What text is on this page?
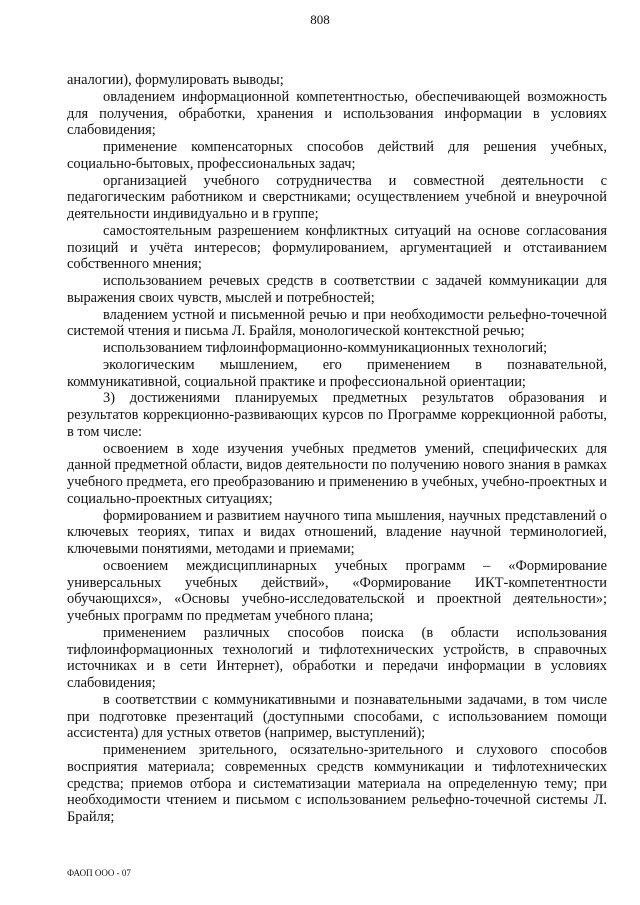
808

аналогии), формулировать выводы;

овладением информационной компетентностью, обеспечивающей возможность для получения, обработки, хранения и использования информации в условиях слабовидения;

применение компенсаторных способов действий для решения учебных, социально-бытовых, профессиональных задач;

организацией учебного сотрудничества и совместной деятельности с педагогическим работником и сверстниками; осуществлением учебной и внеурочной деятельности индивидуально и в группе;

самостоятельным разрешением конфликтных ситуаций на основе согласования позиций и учёта интересов; формулированием, аргументацией и отстаиванием собственного мнения;

использованием речевых средств в соответствии с задачей коммуникации для выражения своих чувств, мыслей и потребностей;

владением устной и письменной речью и при необходимости рельефно-точечной системой чтения и письма Л. Брайля, монологической контекстной речью;

использованием тифлоинформационно-коммуникационных технологий;

экологическим мышлением, его применением в познавательной, коммуникативной, социальной практике и профессиональной ориентации;

3) достижениями планируемых предметных результатов образования и результатов коррекционно-развивающих курсов по Программе коррекционной работы, в том числе:

освоением в ходе изучения учебных предметов умений, специфических для данной предметной области, видов деятельности по получению нового знания в рамках учебного предмета, его преобразованию и применению в учебных, учебно-проектных и социально-проектных ситуациях;

формированием и развитием научного типа мышления, научных представлений о ключевых теориях, типах и видах отношений, владение научной терминологией, ключевыми понятиями, методами и приемами;

освоением междисциплинарных учебных программ – «Формирование универсальных учебных действий», «Формирование ИКТ-компетентности обучающихся», «Основы учебно-исследовательской и проектной деятельности»; учебных программ по предметам учебного плана;

применением различных способов поиска (в области использования тифлоинформационных технологий и тифлотехнических устройств, в справочных источниках и в сети Интернет), обработки и передачи информации в условиях слабовидения;

в соответствии с коммуникативными и познавательными задачами, в том числе при подготовке презентаций (доступными способами, с использованием помощи ассистента) для устных ответов (например, выступлений);

применением зрительного, осязательно-зрительного и слухового способов восприятия материала; современных средств коммуникации и тифлотехнических средства; приемов отбора и систематизации материала на определенную тему; при необходимости чтением и письмом с использованием рельефно-точечной системы Л. Брайля;

ФАОП ООО - 07
